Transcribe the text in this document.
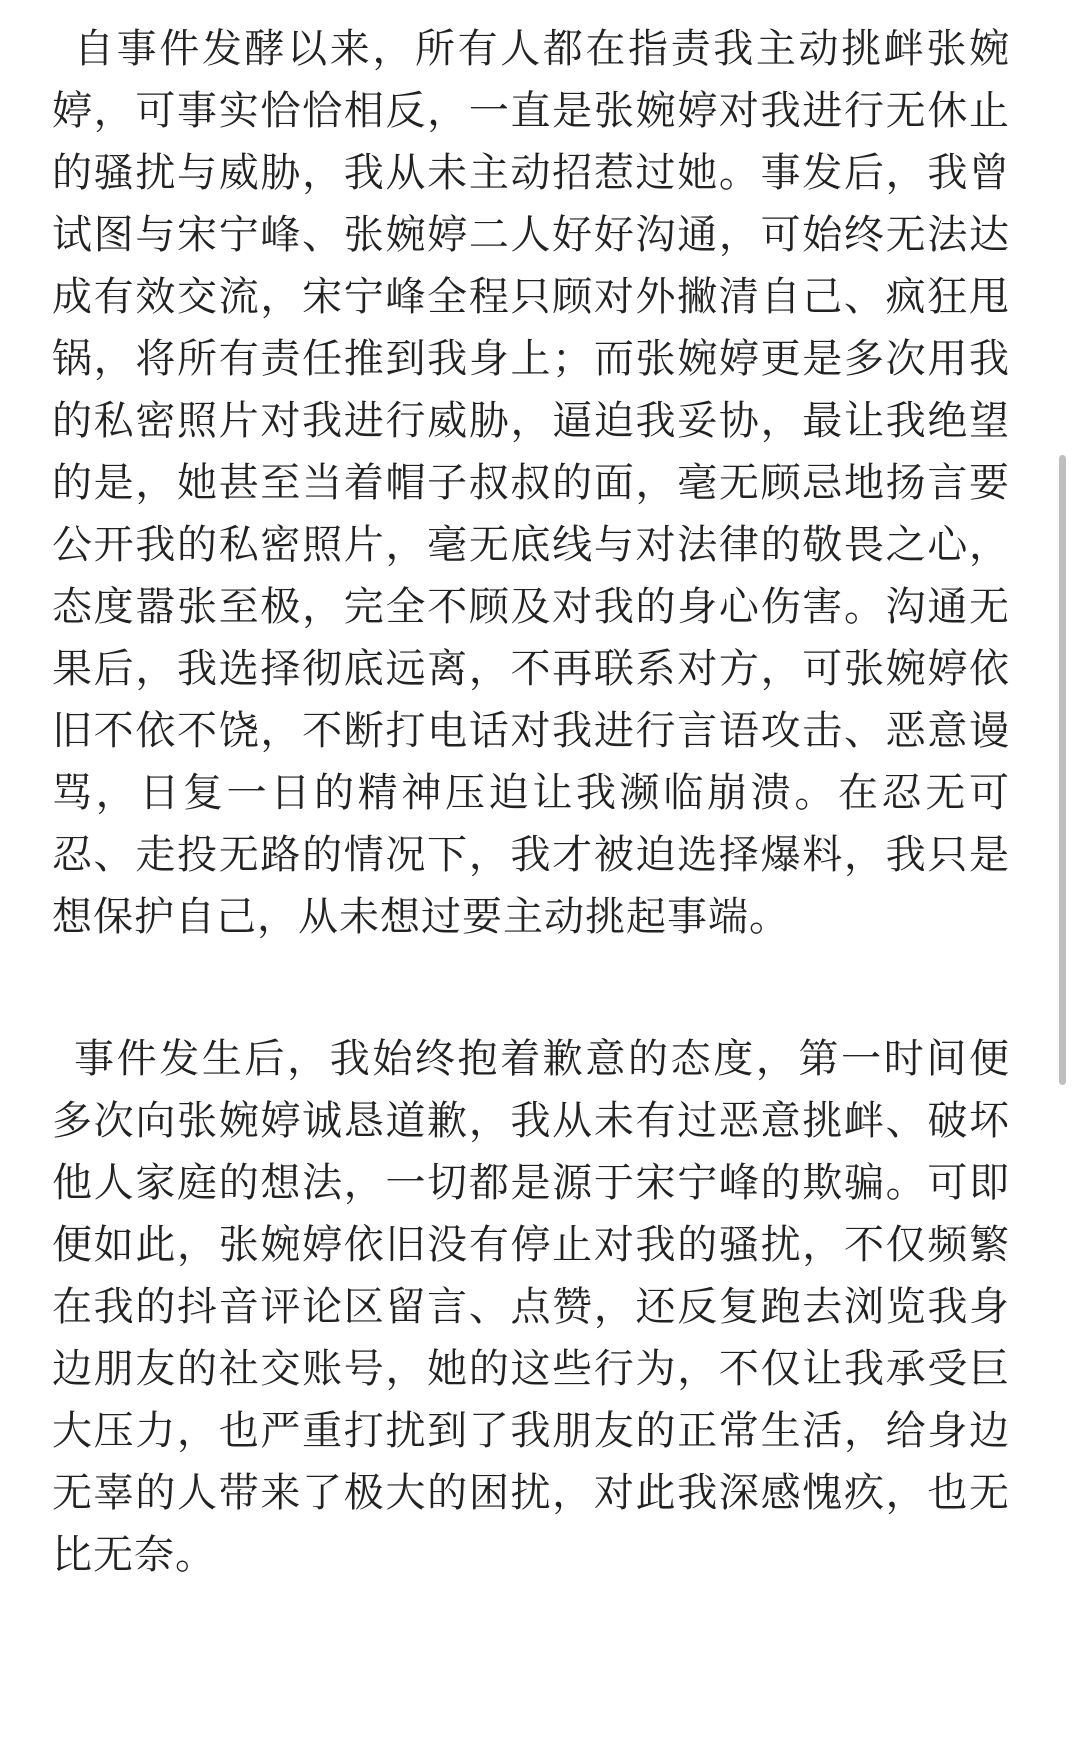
自事件发酵以来，所有人都在指责我主动挑衅张婉婷，可事实恰恰相反，一直是张婉婷对我进行无休止的骚扰与威胁，我从未主动招惹过她。事发后，我曾试图与宋宁峰、张婉婷二人好好沟通，可始终无法达成有效交流，宋宁峰全程只顾对外撇清自己、疯狂甩锅，将所有责任推到我身上；而张婉婷更是多次用我的私密照片对我进行威胁，逼迫我妥协，最让我绝望的是，她甚至当着帽子叔叔的面，毫无顾忌地扬言要公开我的私密照片，毫无底线与对法律的敬畏之心，态度嚣张至极，完全不顾及对我的身心伤害。沟通无果后，我选择彻底远离，不再联系对方，可张婉婷依旧不依不饶，不断打电话对我进行言语攻击、恶意谩骂，日复一日的精神压迫让我濒临崩溃。在忍无可忍、走投无路的情况下，我才被迫选择爆料，我只是想保护自己，从未想过要主动挑起事端。

事件发生后，我始终抱着歉意的态度，第一时间便多次向张婉婷诚恳道歉，我从未有过恶意挑衅、破坏他人家庭的想法，一切都是源于宋宁峰的欺骗。可即便如此，张婉婷依旧没有停止对我的骚扰，不仅频繁在我的抖音评论区留言、点赞，还反复跑去浏览我身边朋友的社交账号，她的这些行为，不仅让我承受巨大压力，也严重打扰到了我朋友的正常生活，给身边无辜的人带来了极大的困扰，对此我深感愧疚，也无比无奈。
